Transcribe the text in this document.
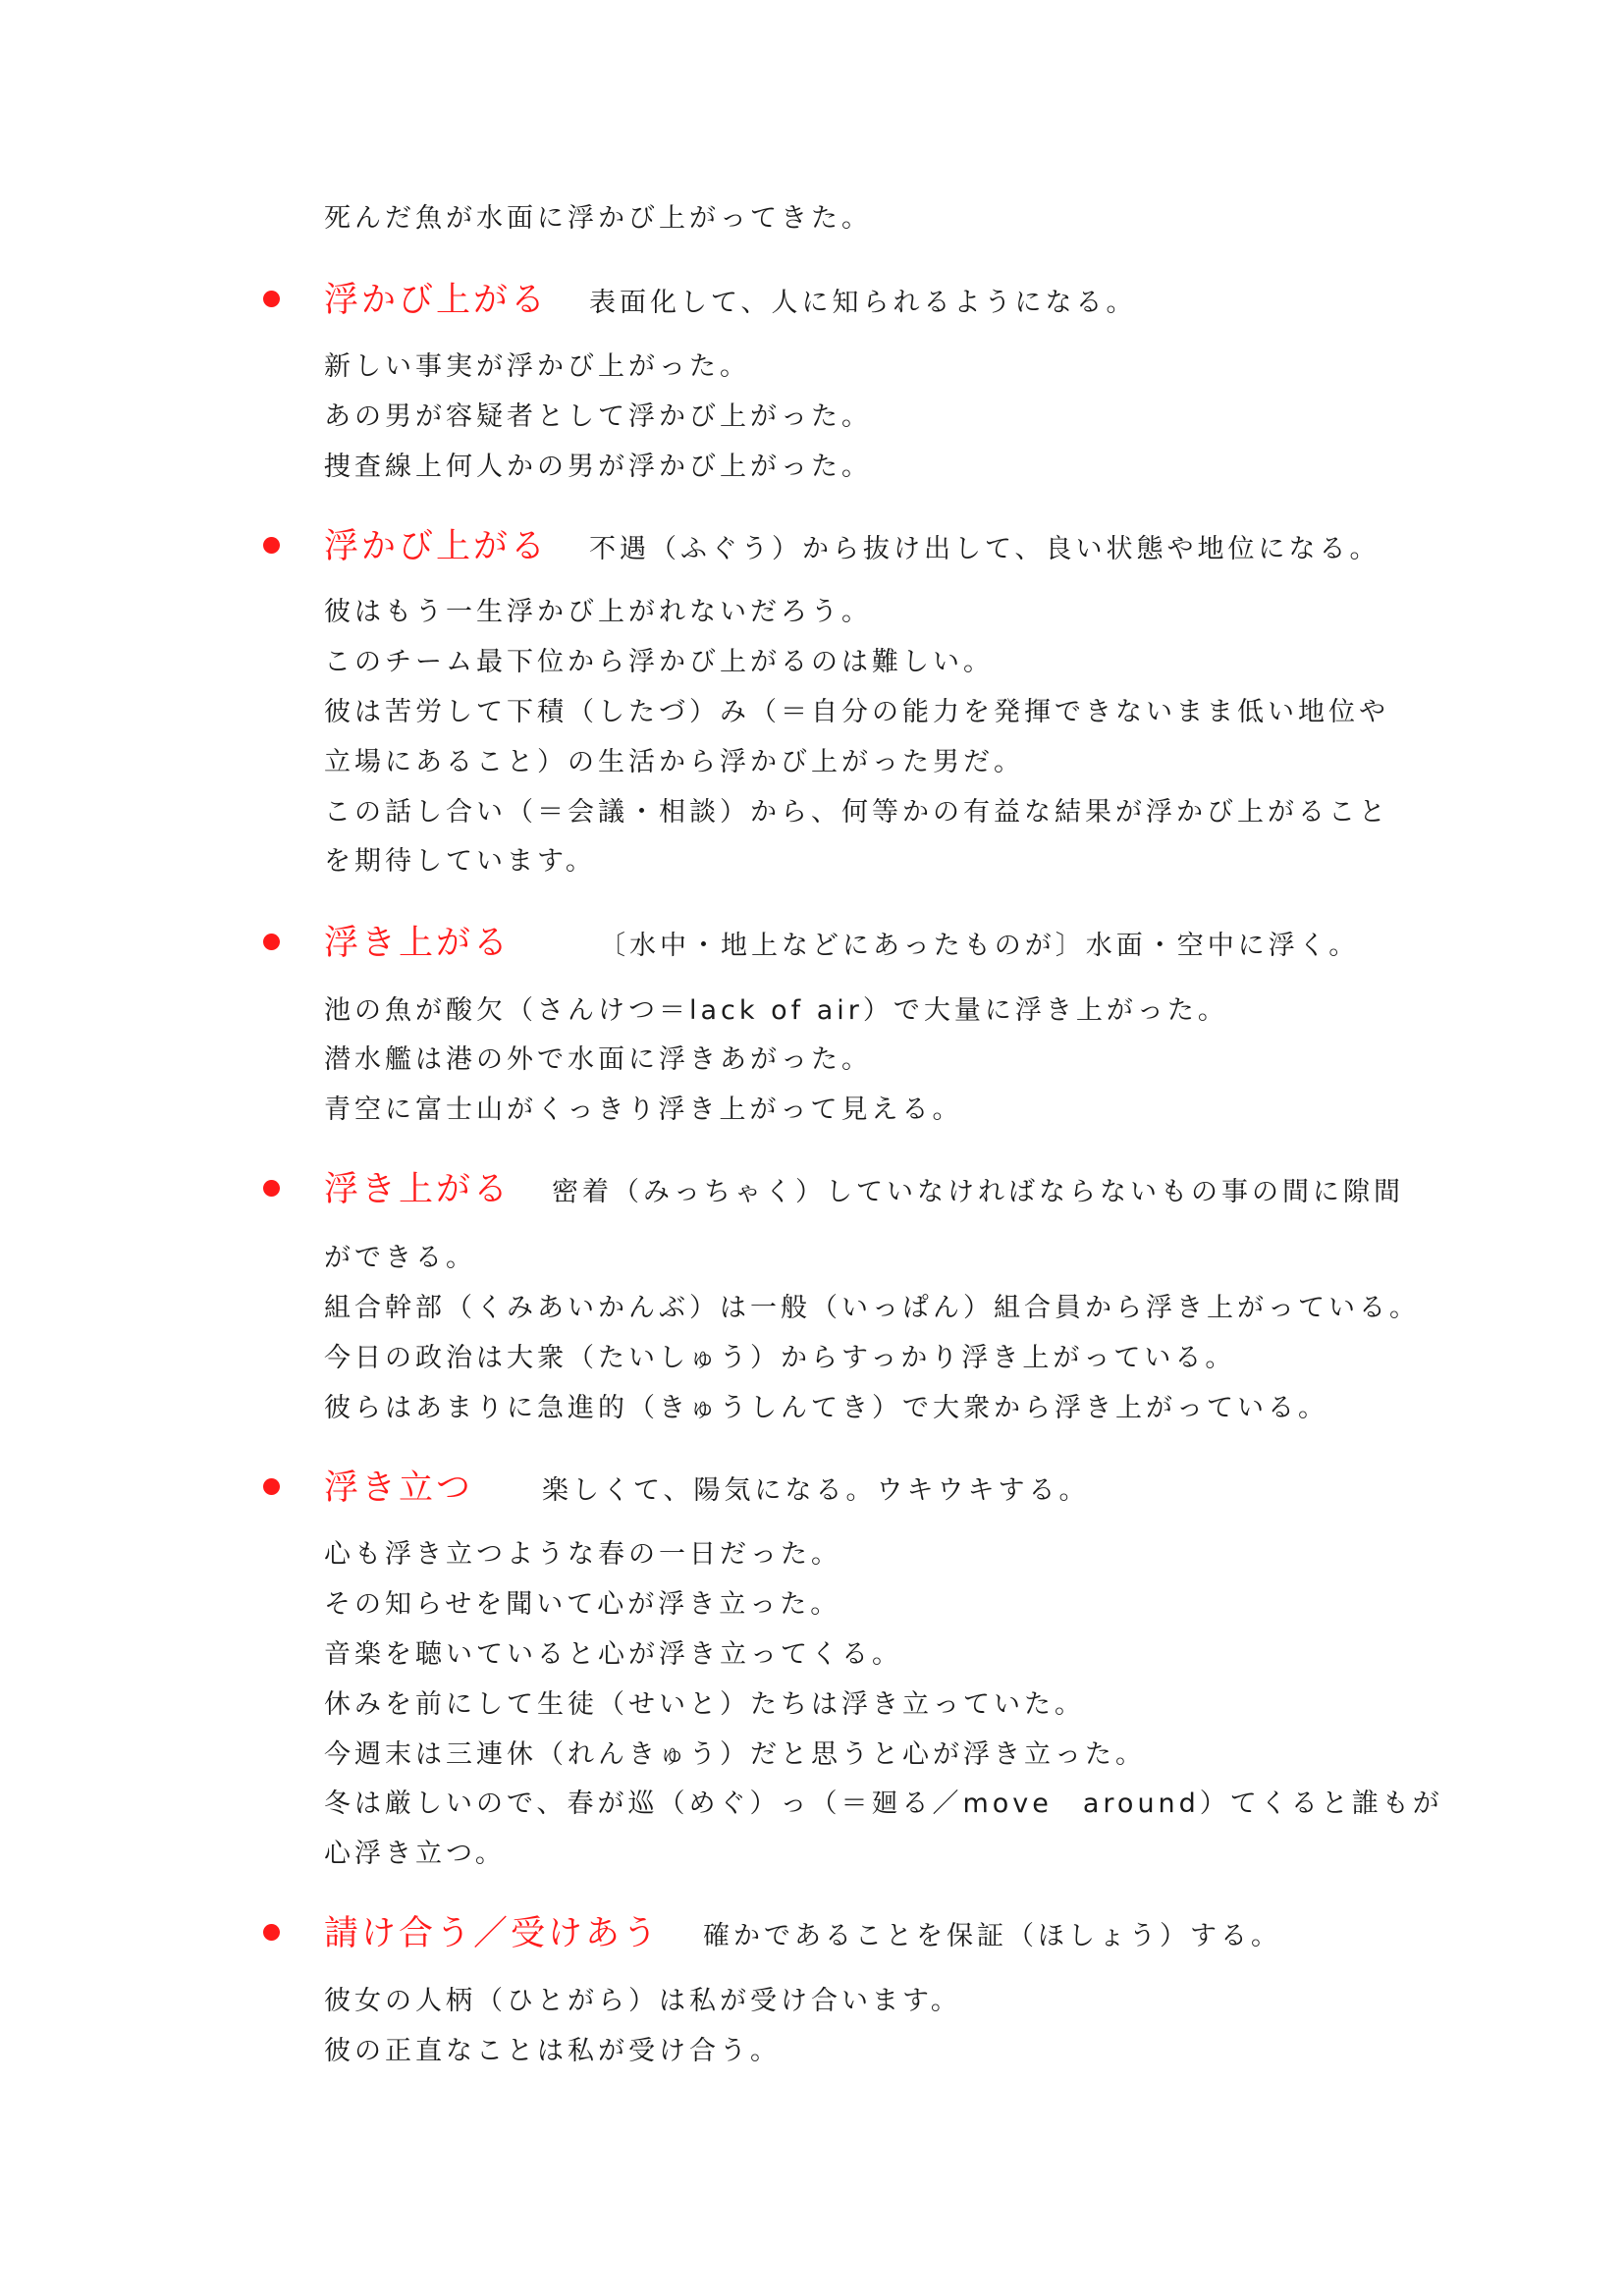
死んだ魚が水面に浮かび上がってきた。
浮かび上がる 表面化して、人に知られるようになる。
新しい事実が浮かび上がった。
あの男が容疑者として浮かび上がった。
捜査線上何人かの男が浮かび上がった。
浮かび上がる 不遇（ふぐう）から抜け出して、良い状態や地位になる。
彼はもう一生浮かび上がれないだろう。
このチーム最下位から浮かび上がるのは難しい。
彼は苦労して下積（したづ）み（＝自分の能力を発揮できないまま低い地位や
立場にあること）の生活から浮かび上がった男だ。
この話し合い（＝会議・相談）から、何等かの有益な結果が浮かび上がること
を期待しています。
浮き上がる	〔水中・地上などにあったものが〕水面・空中に浮く。
池の魚が酸欠（さんけつ＝lack of air）で大量に浮き上がった。
潜水艦は港の外で水面に浮きあがった。
青空に富士山がくっきり浮き上がって見える。
浮き上がる 密着（みっちゃく）していなければならないもの事の間に隙間
ができる。
組合幹部（くみあいかんぶ）は一般（いっぱん）組合員から浮き上がっている。
今日の政治は大衆（たいしゅう）からすっかり浮き上がっている。
彼らはあまりに急進的（きゅうしんてき）で大衆から浮き上がっている。
浮き立つ	楽しくて、陽気になる。ウキウキする。
心も浮き立つような春の一日だった。
その知らせを聞いて心が浮き立った。
音楽を聴いていると心が浮き立ってくる。
休みを前にして生徒（せいと）たちは浮き立っていた。
今週末は三連休（れんきゅう）だと思うと心が浮き立った。
冬は厳しいので、春が巡（めぐ）っ（＝廻る／move　around）てくると誰もが
心浮き立つ。
請け合う／受けあう 確かであることを保証（ほしょう）する。
彼女の人柄（ひとがら）は私が受け合います。
彼の正直なことは私が受け合う。
